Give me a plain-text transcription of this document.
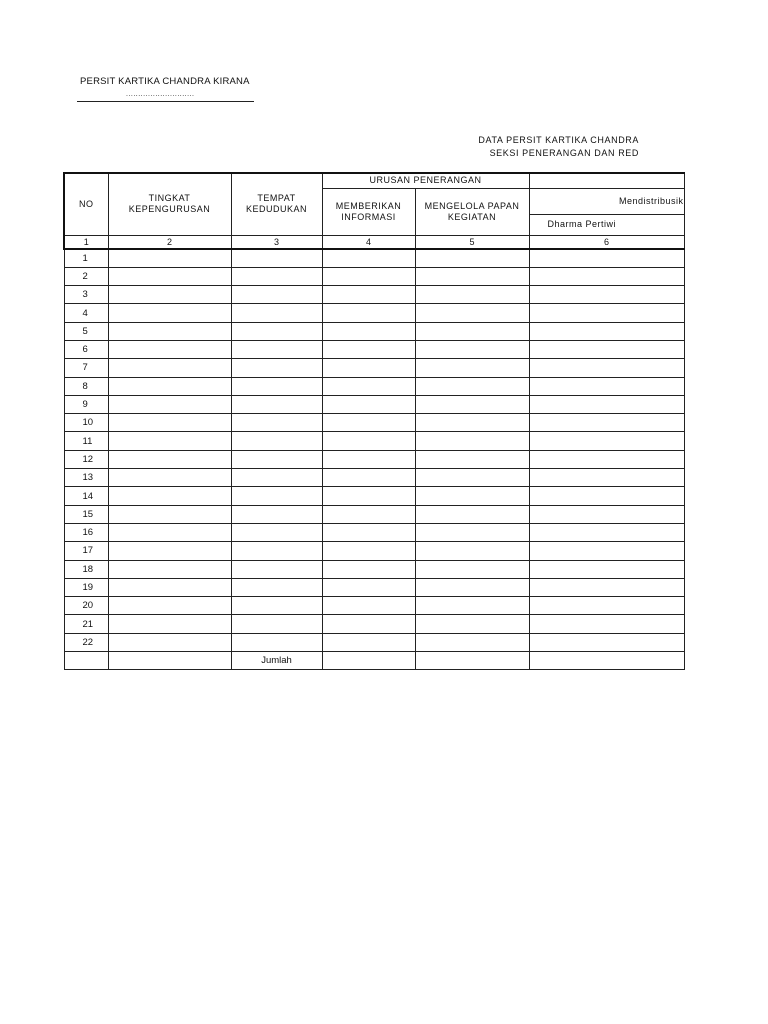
PERSIT KARTIKA CHANDRA KIRANA
............................
DATA PERSIT KARTIKA CHANDRA
SEKSI PENERANGAN DAN RED
NO	TINGKAT KEPENGURUSAN	TEMPAT KEDUDUKAN	URUSAN PENERANGAN		
			MEMBERIKAN INFORMASI	MENGELOLA PAPAN KEGIATAN	Mendistribusik
					Dharma Pertiwi
1	2	3	4	5	6
1					
2					
3					
4					
5					
6					
7					
8					
9					
10					
11					
12					
13					
14					
15					
16					
17					
18					
19					
20					
21					
22					
		Jumlah			
